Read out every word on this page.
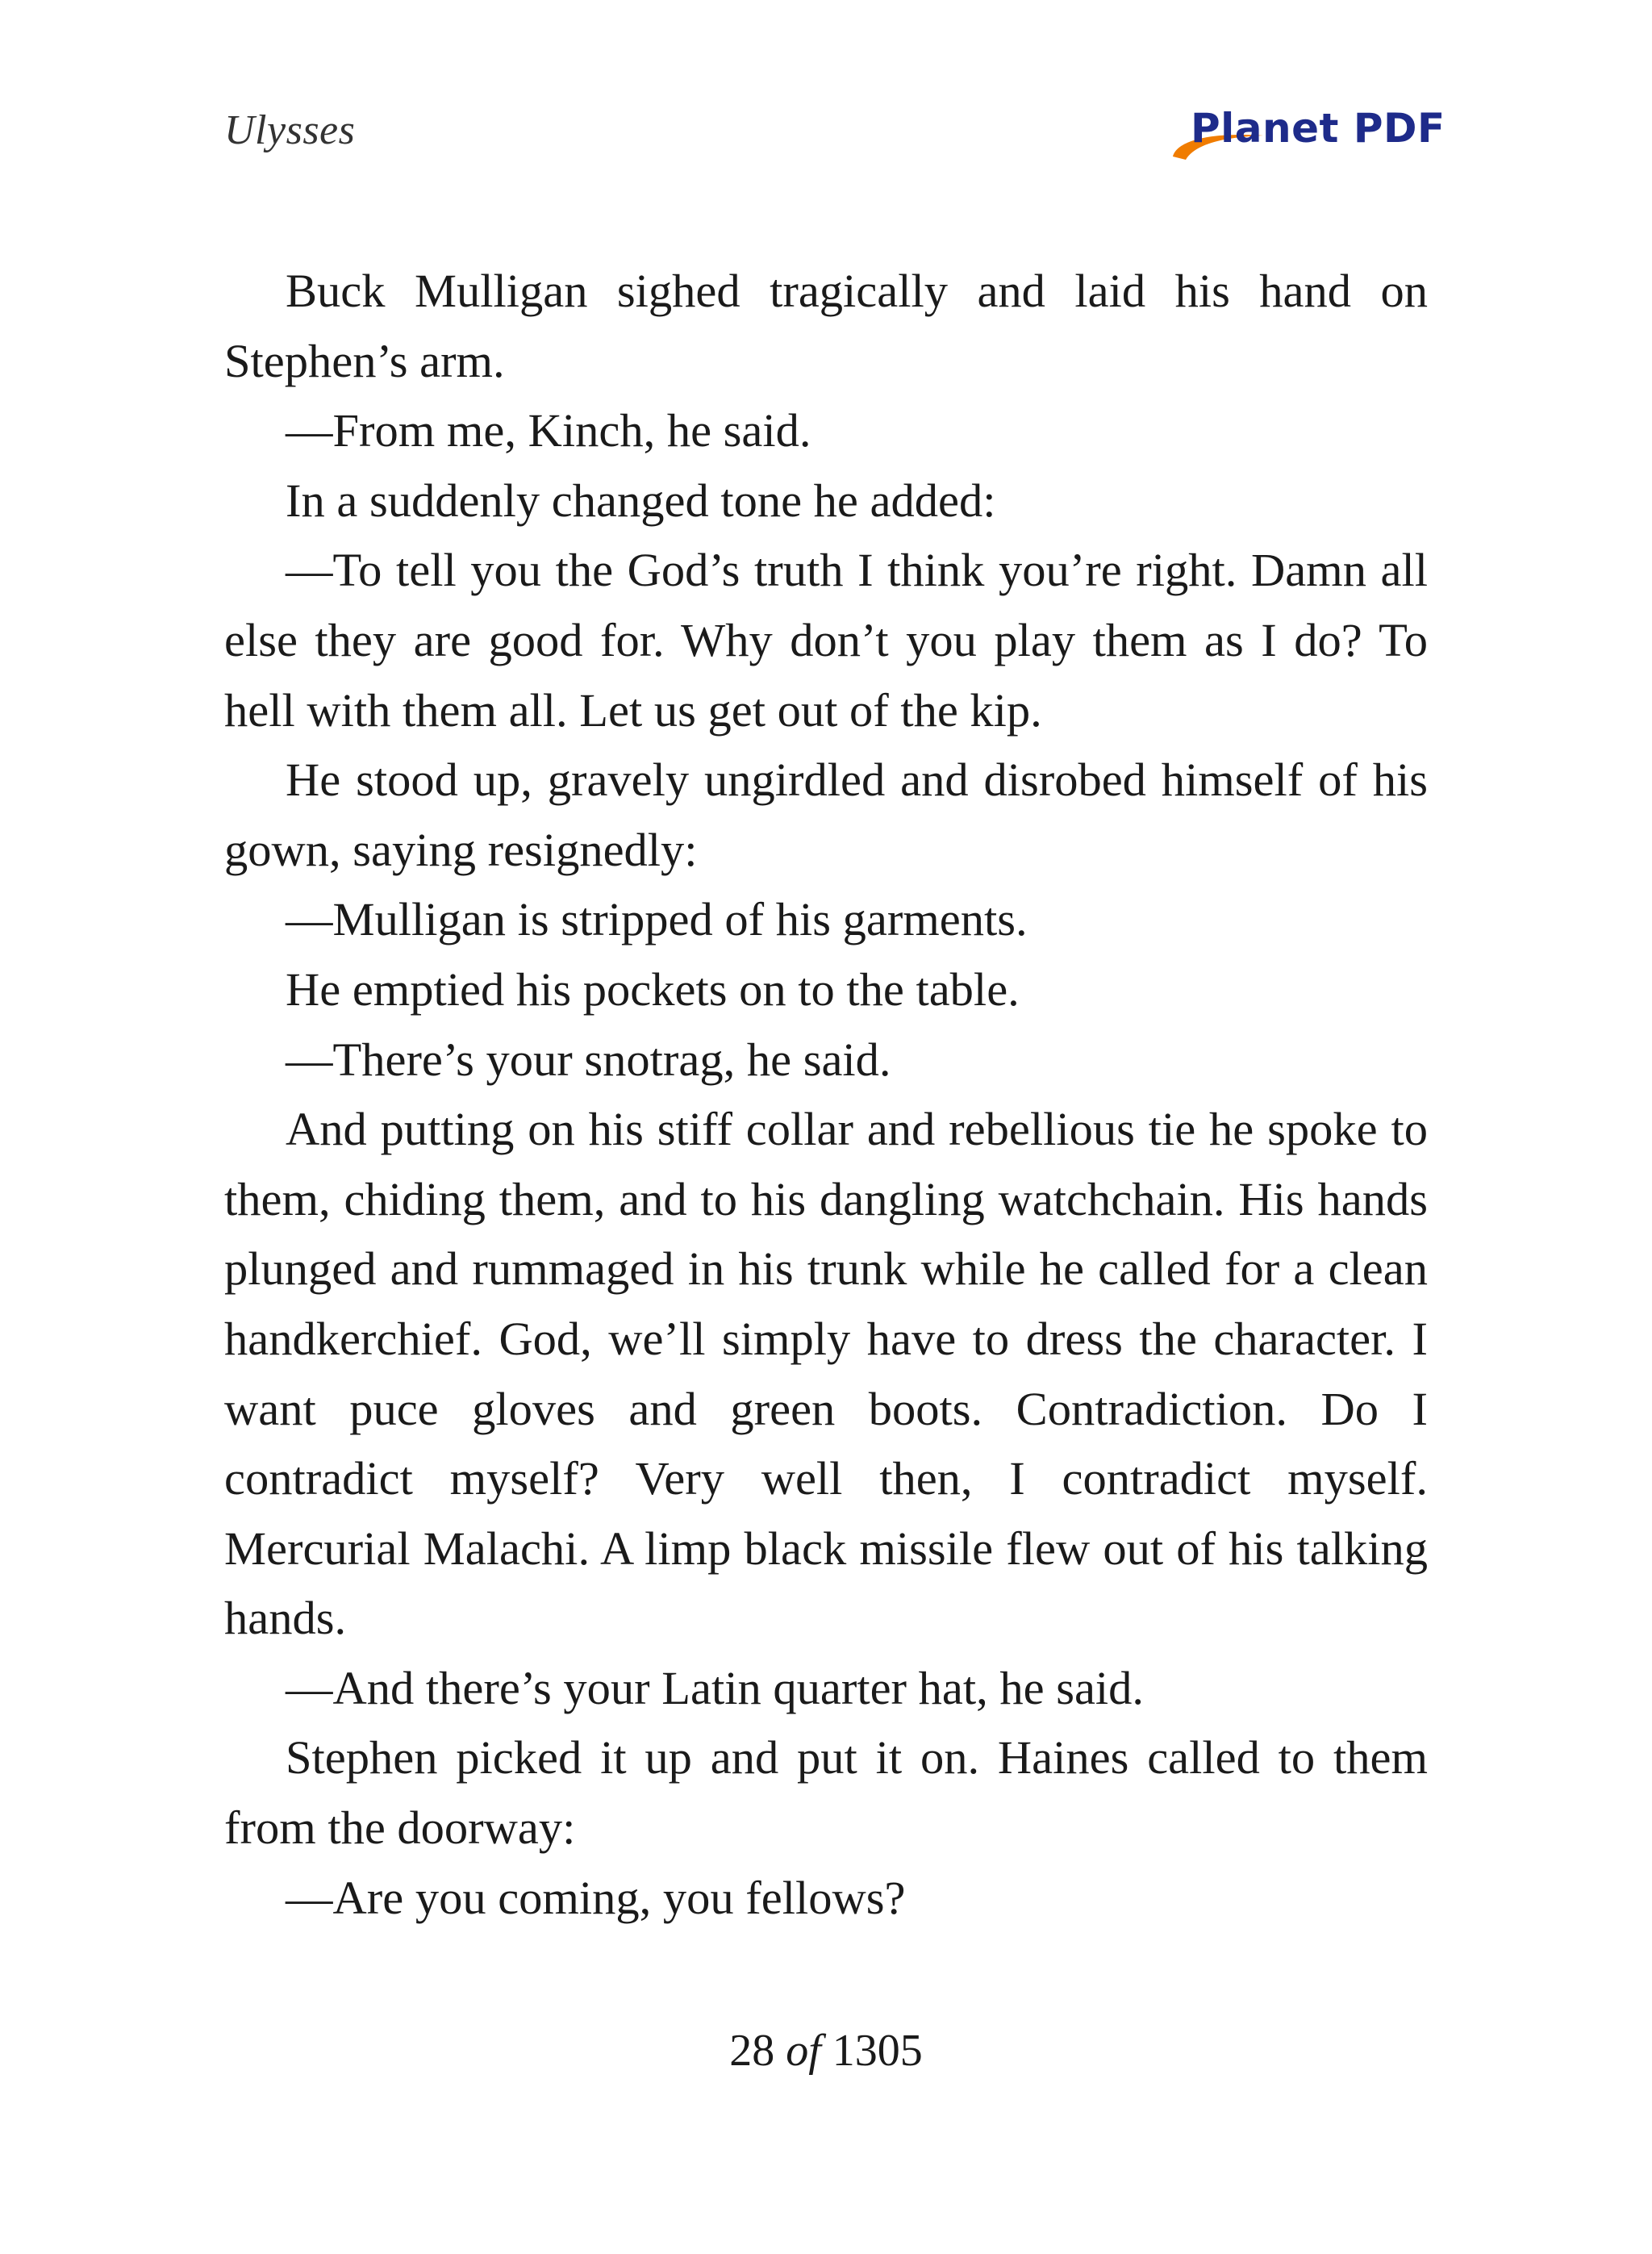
Ulysses	Planet PDF

Buck Mulligan sighed tragically and laid his hand on Stephen’s arm.

—From me, Kinch, he said.

In a suddenly changed tone he added:

—To tell you the God’s truth I think you’re right. Damn all else they are good for. Why don’t you play them as I do? To hell with them all. Let us get out of the kip.

He stood up, gravely ungirdled and disrobed himself of his gown, saying resignedly:

—Mulligan is stripped of his garments.

He emptied his pockets on to the table.

—There’s your snotrag, he said.

And putting on his stiff collar and rebellious tie he spoke to them, chiding them, and to his dangling watchchain. His hands plunged and rummaged in his trunk while he called for a clean handkerchief. God, we’ll simply have to dress the character. I want puce gloves and green boots. Contradiction. Do I contradict myself? Very well then, I contradict myself. Mercurial Malachi. A limp black missile flew out of his talking hands.

—And there’s your Latin quarter hat, he said.

Stephen picked it up and put it on. Haines called to them from the doorway:

—Are you coming, you fellows?

28 of 1305
